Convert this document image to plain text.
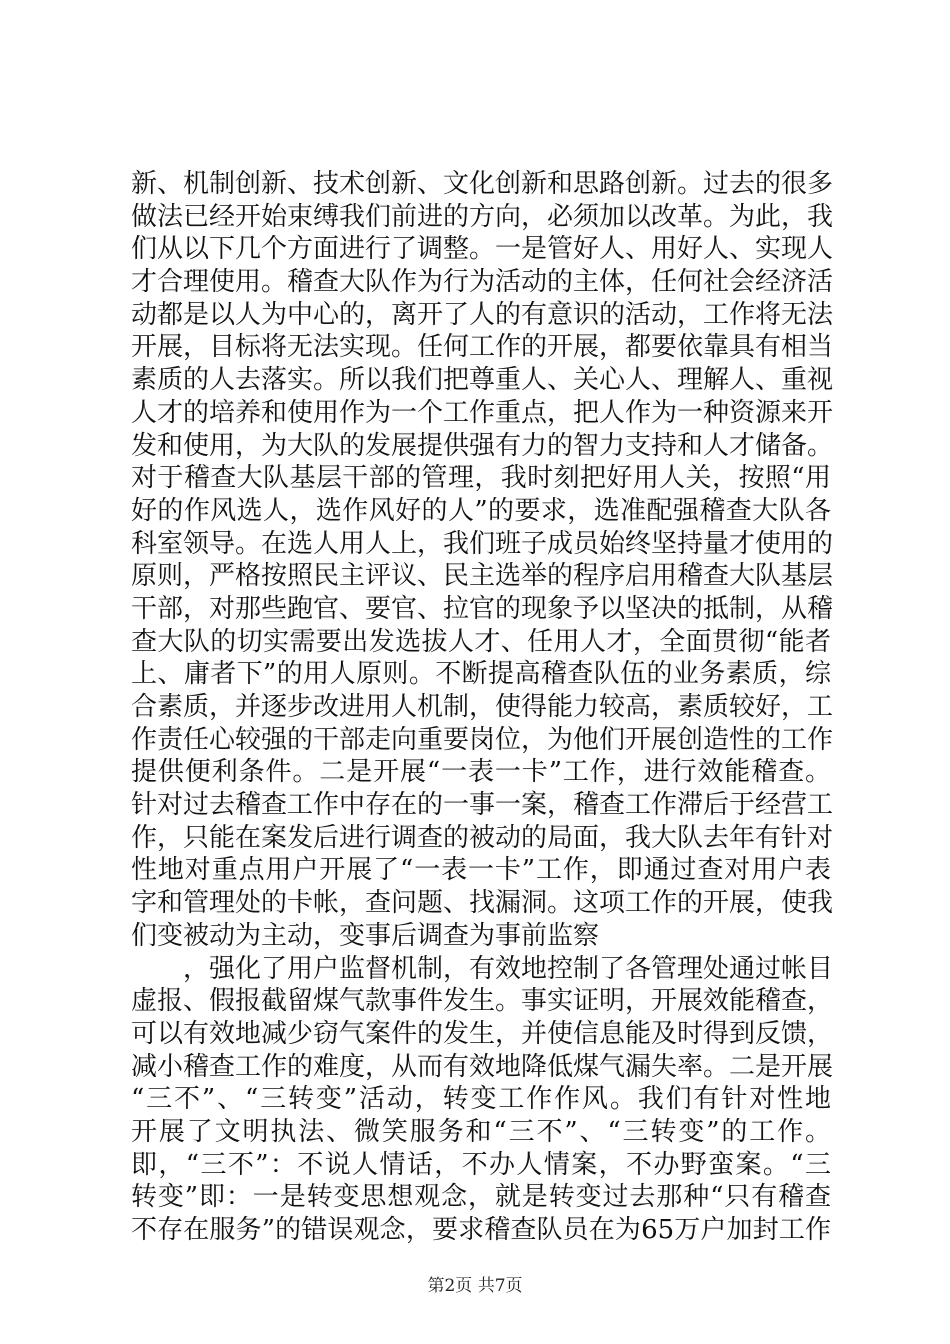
新、机制创新、技术创新、文化创新和思路创新。过去的很多
做法已经开始束缚我们前进的方向，必须加以改革。为此，我
们从以下几个方面进行了调整。一是管好人、用好人、实现人
才合理使用。稽查大队作为行为活动的主体，任何社会经济活
动都是以人为中心的，离开了人的有意识的活动，工作将无法
开展，目标将无法实现。任何工作的开展，都要依靠具有相当
素质的人去落实。所以我们把尊重人、关心人、理解人、重视
人才的培养和使用作为一个工作重点，把人作为一种资源来开
发和使用，为大队的发展提供强有力的智力支持和人才储备。
对于稽查大队基层干部的管理，我时刻把好用人关，按照“用
好的作风选人，选作风好的人”的要求，选准配强稽查大队各
科室领导。在选人用人上，我们班子成员始终坚持量才使用的
原则，严格按照民主评议、民主选举的程序启用稽查大队基层
干部，对那些跑官、要官、拉官的现象予以坚决的抵制，从稽
查大队的切实需要出发选拔人才、任用人才，全面贯彻“能者
上、庸者下”的用人原则。不断提高稽查队伍的业务素质，综
合素质，并逐步改进用人机制，使得能力较高，素质较好，工
作责任心较强的干部走向重要岗位，为他们开展创造性的工作
提供便利条件。二是开展“一表一卡”工作，进行效能稽查。
针对过去稽查工作中存在的一事一案，稽查工作滞后于经营工
作，只能在案发后进行调查的被动的局面，我大队去年有针对
性地对重点用户开展了“一表一卡”工作，即通过查对用户表
字和管理处的卡帐，查问题、找漏洞。这项工作的开展，使我
们变被动为主动，变事后调查为事前监察
，强化了用户监督机制，有效地控制了各管理处通过帐目
虚报、假报截留煤气款事件发生。事实证明，开展效能稽查，
可以有效地减少窃气案件的发生，并使信息能及时得到反馈，
减小稽查工作的难度，从而有效地降低煤气漏失率。二是开展
“三不”、“三转变”活动，转变工作作风。我们有针对性地
开展了文明执法、微笑服务和“三不”、“三转变”的工作。
即，“三不”：不说人情话，不办人情案，不办野蛮案。“三
转变”即：一是转变思想观念，就是转变过去那种“只有稽查
不存在服务”的错误观念，要求稽查队员在为65万户加封工作
第2页 共7页
